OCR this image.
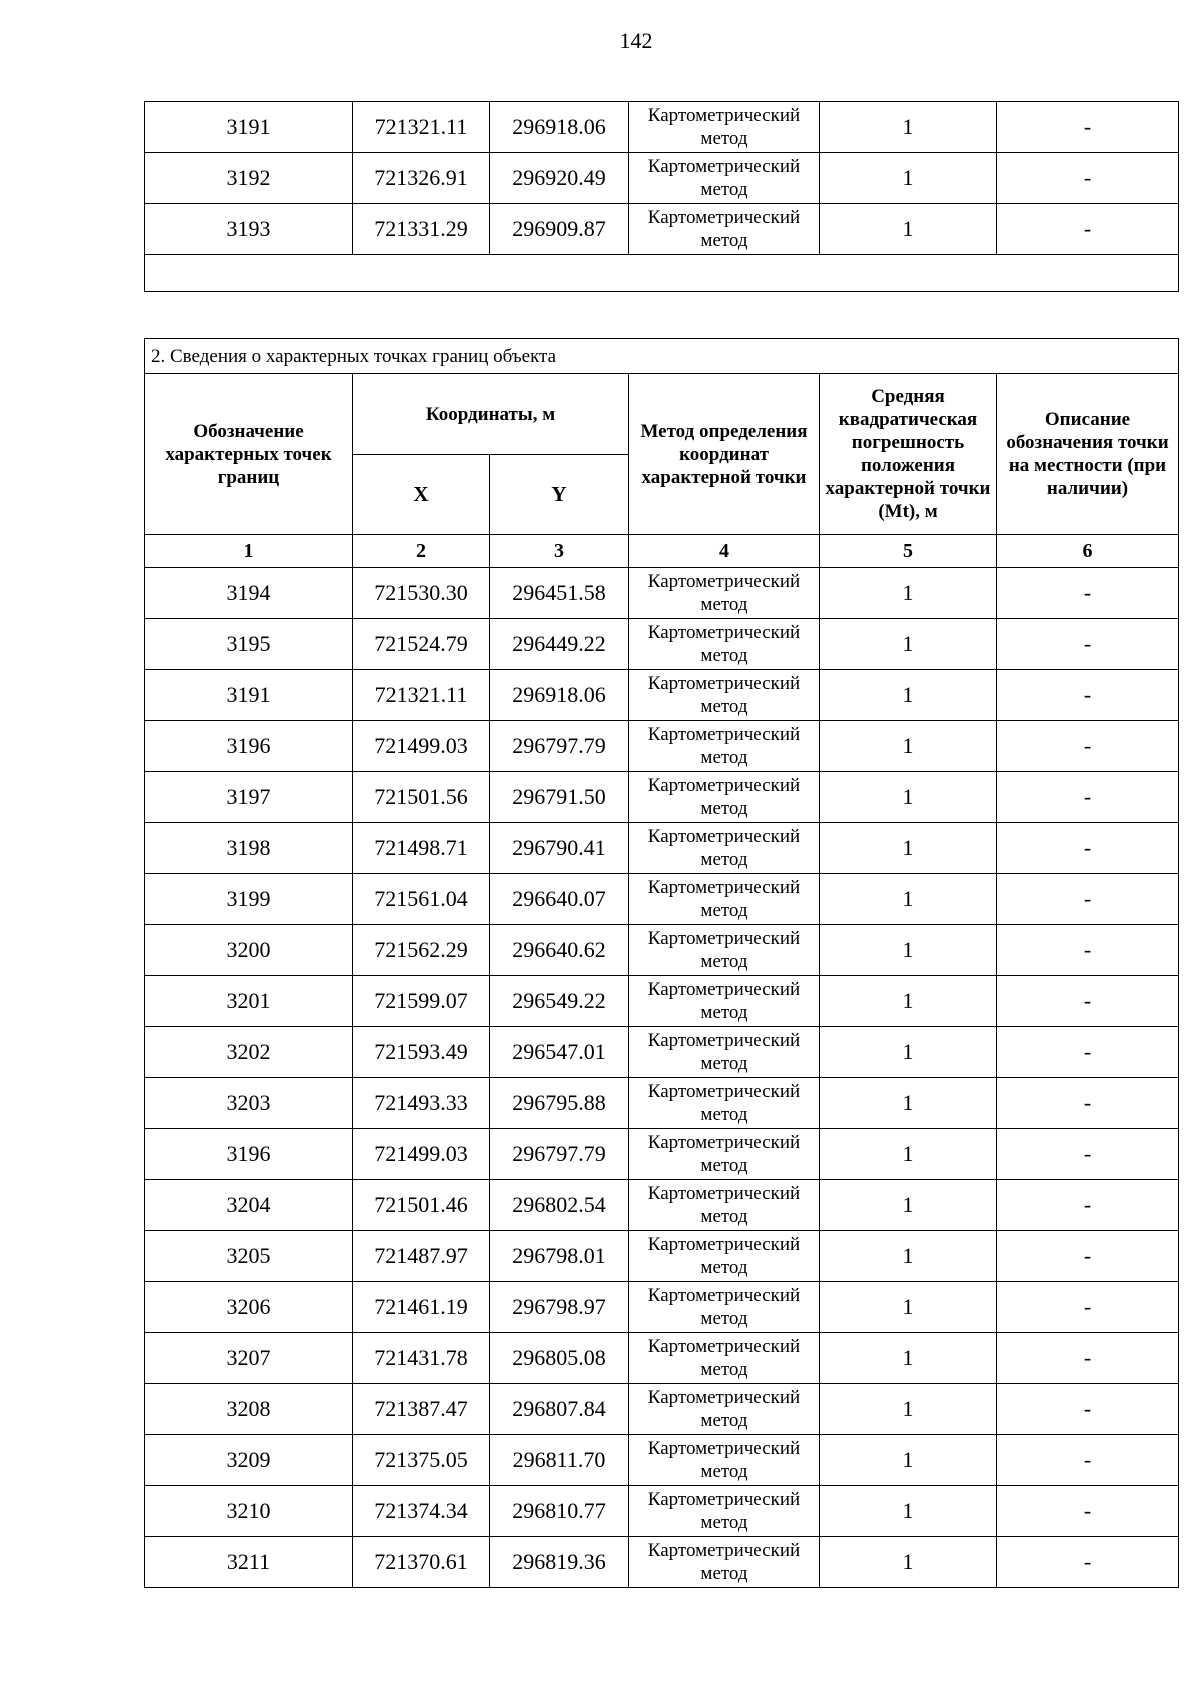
142
3191	721321.11	296918.06	Картометрический метод	1	-
3192	721326.91	296920.49	Картометрический метод	1	-
3193	721331.29	296909.87	Картометрический метод	1	-

2. Сведения о характерных точках границ объекта					
Обозначение характерных точек границ	Координаты, м		Метод определения координат характерной точки	Средняя квадратическая погрешность положения характерной точки (Mt), м	Описание обозначения точки на местности (при наличии)
	X	Y			
1	2	3	4	5	6
3194	721530.30	296451.58	Картометрический метод	1	-
3195	721524.79	296449.22	Картометрический метод	1	-
3191	721321.11	296918.06	Картометрический метод	1	-
3196	721499.03	296797.79	Картометрический метод	1	-
3197	721501.56	296791.50	Картометрический метод	1	-
3198	721498.71	296790.41	Картометрический метод	1	-
3199	721561.04	296640.07	Картометрический метод	1	-
3200	721562.29	296640.62	Картометрический метод	1	-
3201	721599.07	296549.22	Картометрический метод	1	-
3202	721593.49	296547.01	Картометрический метод	1	-
3203	721493.33	296795.88	Картометрический метод	1	-
3196	721499.03	296797.79	Картометрический метод	1	-
3204	721501.46	296802.54	Картометрический метод	1	-
3205	721487.97	296798.01	Картометрический метод	1	-
3206	721461.19	296798.97	Картометрический метод	1	-
3207	721431.78	296805.08	Картометрический метод	1	-
3208	721387.47	296807.84	Картометрический метод	1	-
3209	721375.05	296811.70	Картометрический метод	1	-
3210	721374.34	296810.77	Картометрический метод	1	-
3211	721370.61	296819.36	Картометрический метод	1	-
